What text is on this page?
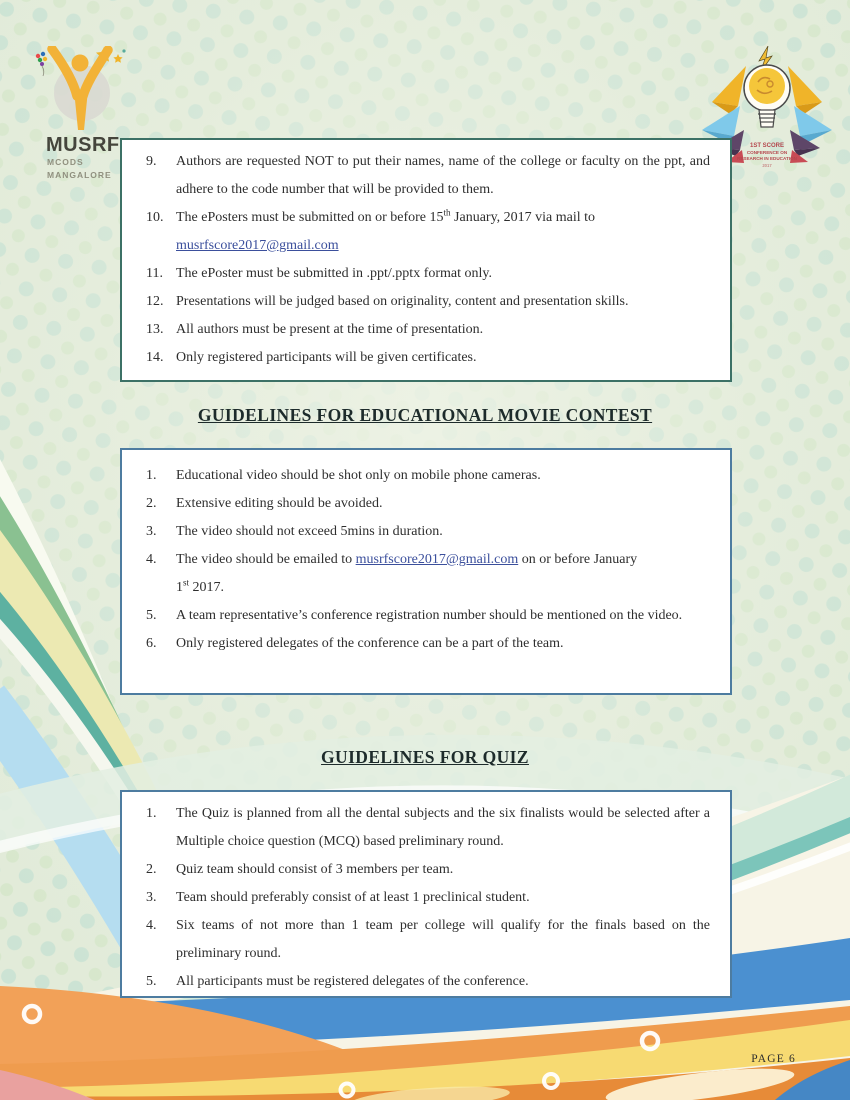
MUSRF
MCODS
MANGALORE
1ST SCORE
CONFERENCE ON
RESEARCH IN EDUCATION
2017
9.	Authors are requested NOT to put their names, name of the college or faculty on the ppt, and adhere to the code number that will be provided to them.
10. The ePosters must be submitted on or before 15th January, 2017 via mail to
musrfscore2017@gmail.com
11. The ePoster must be submitted in .ppt/.pptx format only.
12. Presentations will be judged based on originality, content and presentation skills.
13. All authors must be present at the time of presentation.
14. Only registered participants will be given certificates.
GUIDELINES FOR EDUCATIONAL MOVIE CONTEST
1.	Educational video should be shot only on mobile phone cameras.
2.	Extensive editing should be avoided.
3.	The video should not exceed 5mins in duration.
4.	The video should be emailed to musrfscore2017@gmail.com on or before January
1st 2017.
5.	A team representative’s conference registration number should be mentioned on the video.
6.	Only registered delegates of the conference can be a part of the team.
GUIDELINES FOR QUIZ
1.	The Quiz is planned from all the dental subjects and the six finalists would be selected after a Multiple choice question (MCQ) based preliminary round.
2.	Quiz team should consist of 3 members per team.
3.	Team should preferably consist of at least 1 preclinical student.
4.	Six teams of not more than 1 team per college will qualify for the finals based on the preliminary round.
5.	All participants must be registered delegates of the conference.
PAGE 6
